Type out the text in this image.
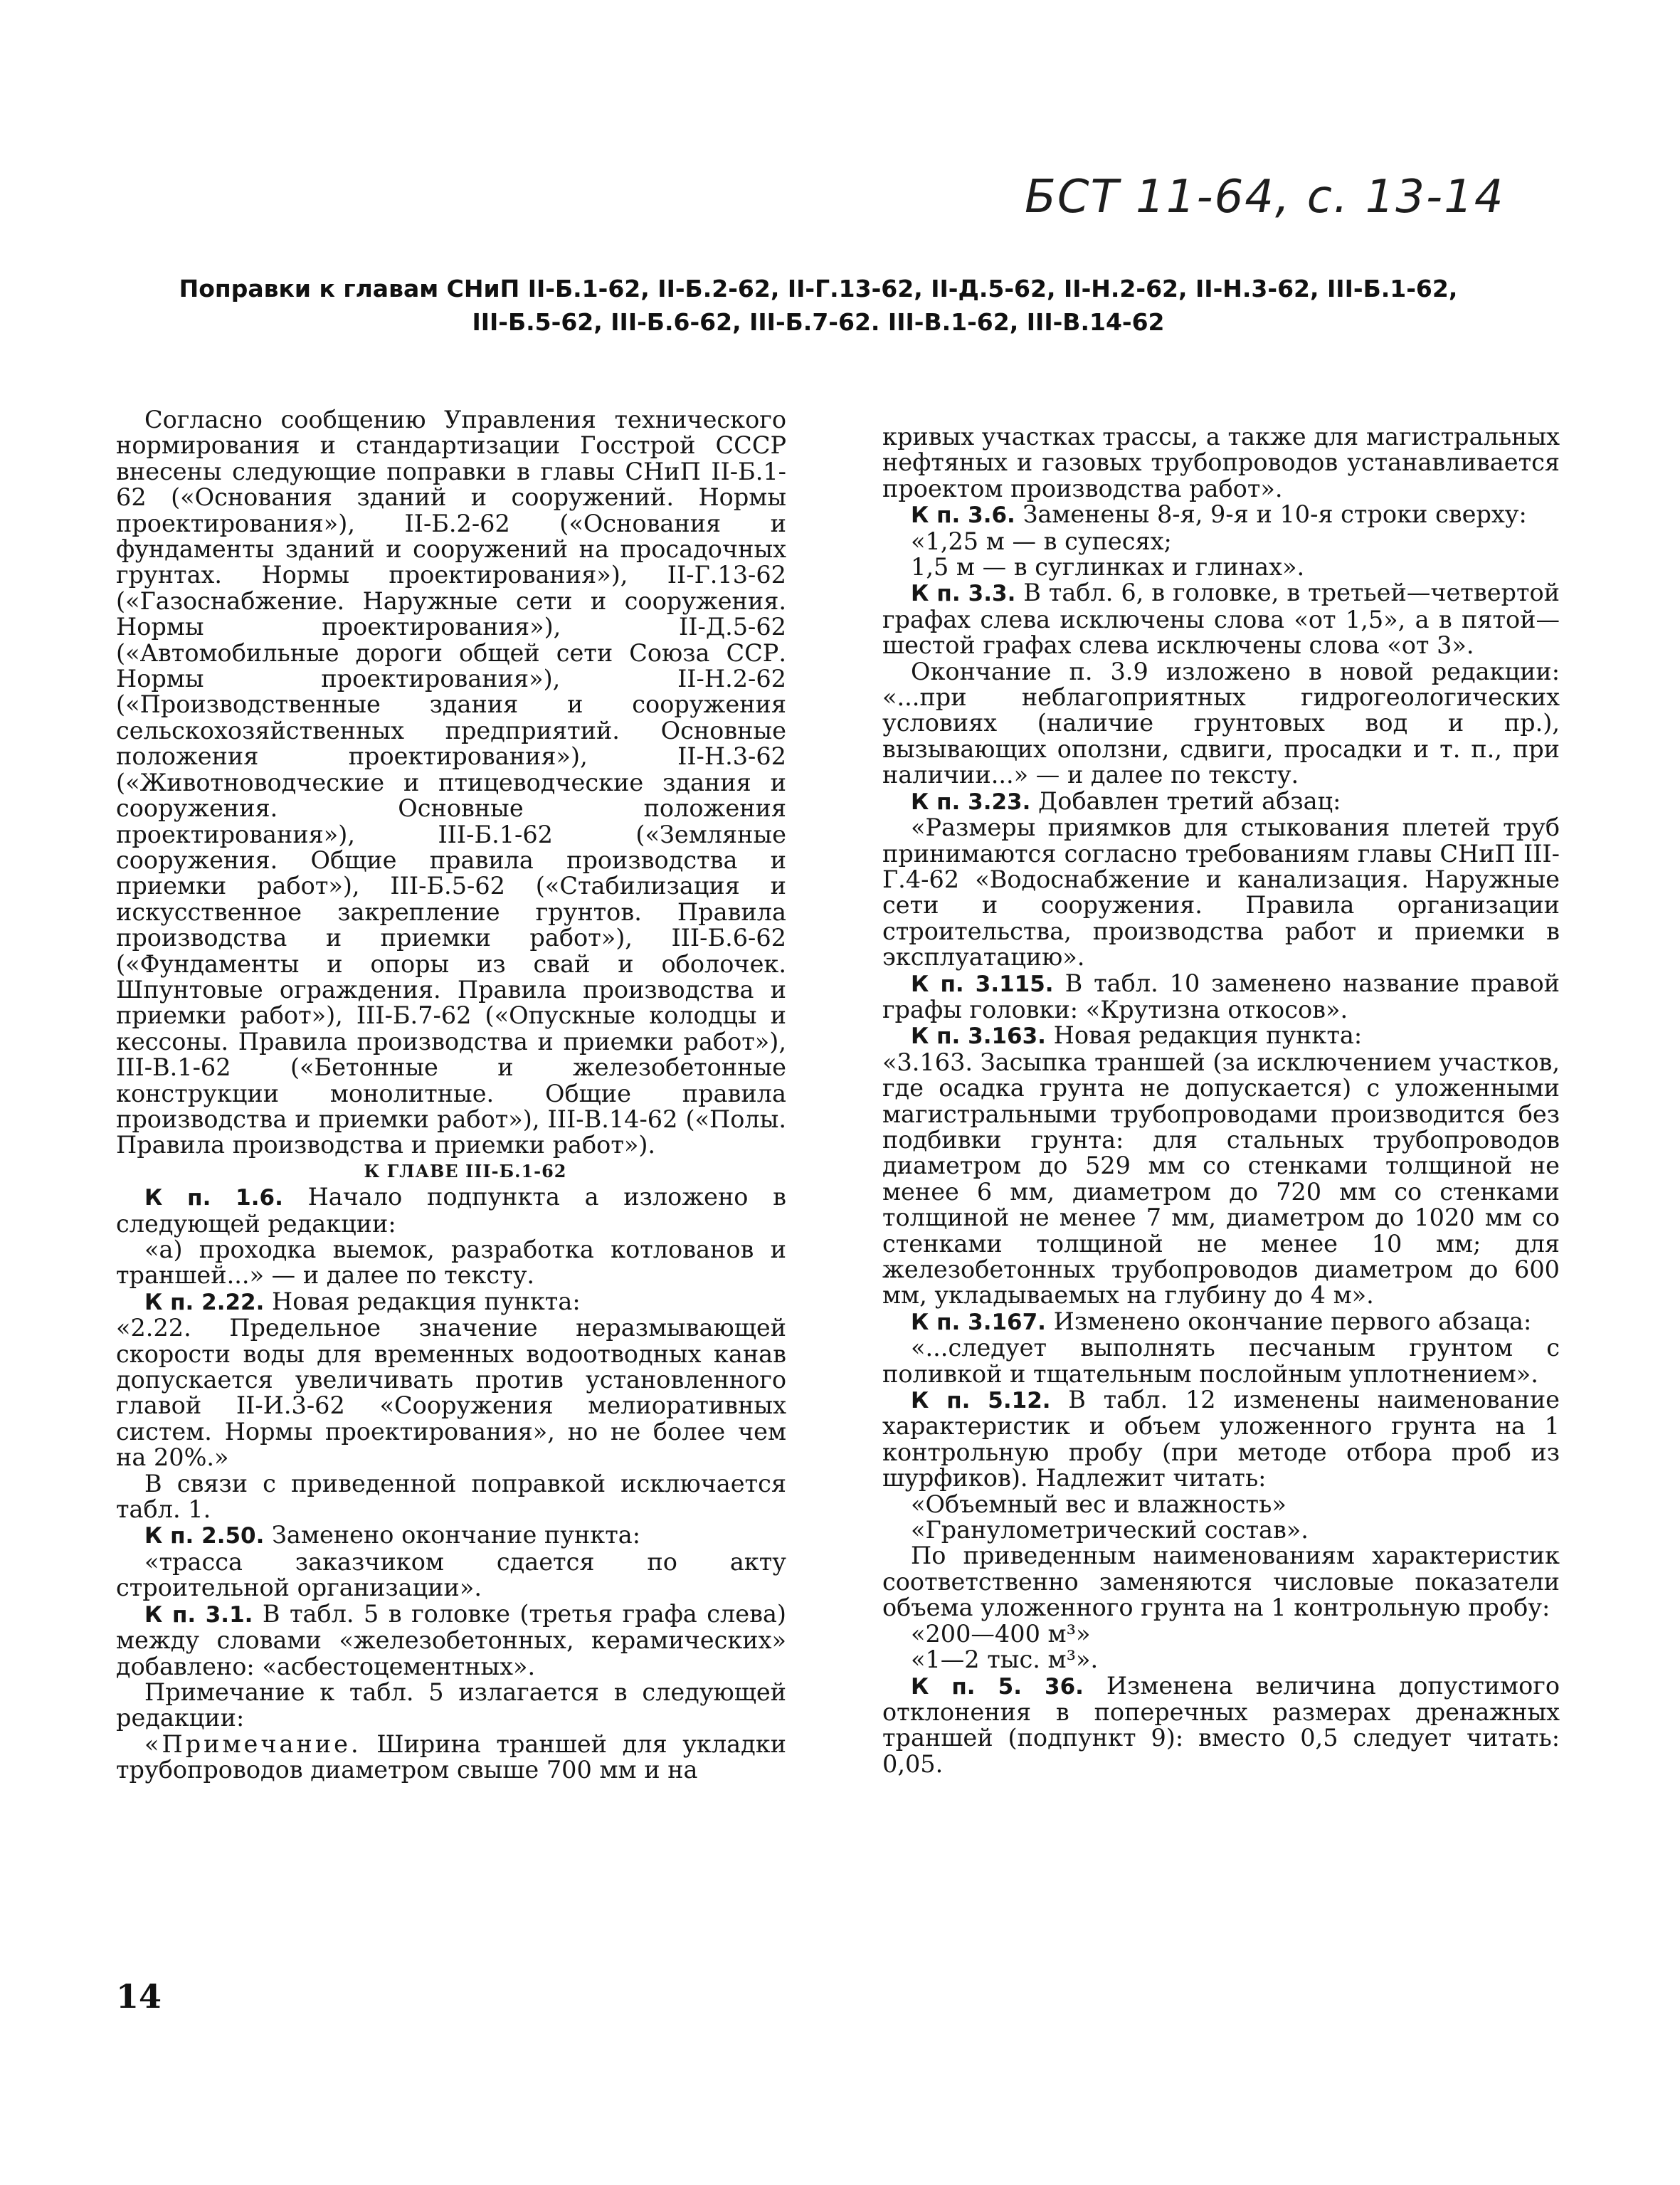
БСТ 11-64, с. 13-14
Поправки к главам СНиП II-Б.1-62, II-Б.2-62, II-Г.13-62, II-Д.5-62, II-Н.2-62, II-Н.3-62, III-Б.1-62, III-Б.5-62, III-Б.6-62, III-Б.7-62. III-В.1-62, III-В.14-62

Согласно сообщению Управления технического нормирования и стандартизации Госстрой СССР внесены следующие поправки в главы СНиП II-Б.1-62 («Основания зданий и сооружений. Нормы проектирования»), II-Б.2-62 («Основания и фундаменты зданий и сооружений на просадочных грунтах. Нормы проектирования»), II-Г.13-62 («Газоснабжение. Наружные сети и сооружения. Нормы проектирования»), II-Д.5-62 («Автомобильные дороги общей сети Союза ССР. Нормы проектирования»), II-Н.2-62 («Производственные здания и сооружения сельскохозяйственных предприятий. Основные положения проектирования»), II-Н.3-62 («Животноводческие и птицеводческие здания и сооружения. Основные положения проектирования»), III-Б.1-62 («Земляные сооружения. Общие правила производства и приемки работ»), III-Б.5-62 («Стабилизация и искусственное закрепление грунтов. Правила производства и приемки работ»), III-Б.6-62 («Фундаменты и опоры из свай и оболочек. Шпунтовые ограждения. Правила производства и приемки работ»), III-Б.7-62 («Опускные колодцы и кессоны. Правила производства и приемки работ»), III-В.1-62 («Бетонные и железобетонные конструкции монолитные. Общие правила производства и приемки работ»), III-В.14-62 («Полы. Правила производства и приемки работ»).

К ГЛАВЕ III-Б.1-62

К п. 1.6. Начало подпункта а изложено в следующей редакции:

«а) проходка выемок, разработка котлованов и траншей...» — и далее по тексту.

К п. 2.22. Новая редакция пункта:

«2.22. Предельное значение неразмывающей скорости воды для временных водоотводных канав допускается увеличивать против установленного главой II-И.3-62 «Сооружения мелиоративных систем. Нормы проектирования», но не более чем на 20%.»

В связи с приведенной поправкой исключается табл. 1.

К п. 2.50. Заменено окончание пункта:

«трасса заказчиком сдается по акту строительной организации».

К п. 3.1. В табл. 5 в головке (третья графа слева) между словами «железобетонных, керамических» добавлено: «асбестоцементных».

Примечание к табл. 5 излагается в следующей редакции:

«Примечание. Ширина траншей для укладки трубопроводов диаметром свыше 700 мм и на

кривых участках трассы, а также для магистральных нефтяных и газовых трубопроводов устанавливается проектом производства работ».

К п. 3.6. Заменены 8-я, 9-я и 10-я строки сверху:

«1,25 м — в супесях;

1,5 м — в суглинках и глинах».

К п. 3.3. В табл. 6, в головке, в третьей—четвертой графах слева исключены слова «от 1,5», а в пятой—шестой графах слева исключены слова «от 3».

Окончание п. 3.9 изложено в новой редакции: «...при неблагоприятных гидрогеологических условиях (наличие грунтовых вод и пр.), вызывающих оползни, сдвиги, просадки и т. п., при наличии...» — и далее по тексту.

К п. 3.23. Добавлен третий абзац:

«Размеры приямков для стыкования плетей труб принимаются согласно требованиям главы СНиП III-Г.4-62 «Водоснабжение и канализация. Наружные сети и сооружения. Правила организации строительства, производства работ и приемки в эксплуатацию».

К п. 3.115. В табл. 10 заменено название правой графы головки: «Крутизна откосов».

К п. 3.163. Новая редакция пункта:

«3.163. Засыпка траншей (за исключением участков, где осадка грунта не допускается) с уложенными магистральными трубопроводами производится без подбивки грунта: для стальных трубопроводов диаметром до 529 мм со стенками толщиной не менее 6 мм, диаметром до 720 мм со стенками толщиной не менее 7 мм, диаметром до 1020 мм со стенками толщиной не менее 10 мм; для железобетонных трубопроводов диаметром до 600 мм, укладываемых на глубину до 4 м».

К п. 3.167. Изменено окончание первого абзаца:

«...следует выполнять песчаным грунтом с поливкой и тщательным послойным уплотнением».

К п. 5.12. В табл. 12 изменены наименование характеристик и объем уложенного грунта на 1 контрольную пробу (при методе отбора проб из шурфиков). Надлежит читать:

«Объемный вес и влажность»

«Гранулометрический состав».

По приведенным наименованиям характеристик соответственно заменяются числовые показатели объема уложенного грунта на 1 контрольную пробу:

«200—400 м³»

«1—2 тыс. м³».

К п. 5. 36. Изменена величина допустимого отклонения в поперечных размерах дренажных траншей (подпункт 9): вместо 0,5 следует читать: 0,05.

14
